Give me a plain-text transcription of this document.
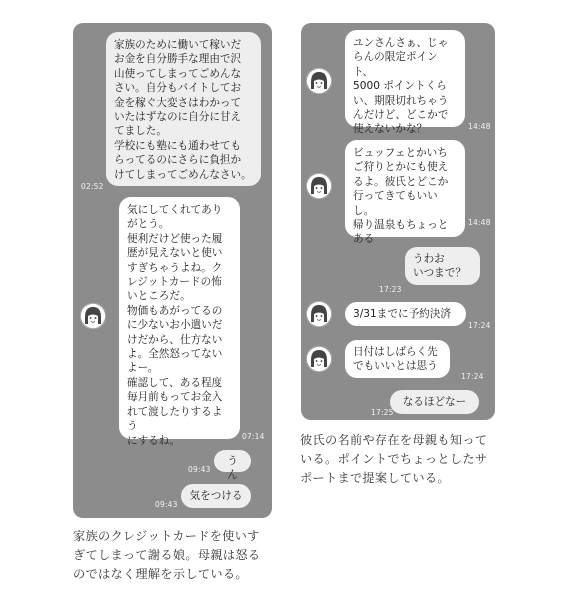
家族のために働いて稼いだ
お金を自分勝手な理由で沢
山使ってしまってごめんな
さい。自分もバイトしてお
金を稼ぐ大変さはわかって
いたはずなのに自分に甘え
てました。
学校にも塾にも通わせても
らってるのにさらに負担か
けてしまってごめんなさい。
02:52
気にしてくれてあり
がとう。
便利だけど使った履
歴が見えないと使い
すぎちゃうよね。ク
レジットカードの怖
いところだ。
物価もあがってるの
に少ないお小遣いだ
けだから、仕方ない
よ。全然怒ってない
よー。
確認して、ある程度
毎月前もってお金入
れて渡したりするよう
にするね。	07:14
うん
09:43
気をつける
09:43
ユンさんさぁ、じゃ
らんの限定ポイント、
5000 ポイントくら
い、期限切れちゃう
んだけど、どこかで
使えないかな？	14:48
ビュッフェとかいち
ご狩りとかにも使え
るよ。彼氏とどこか
行ってきてもいいし。
帰り温泉もちょっと
ある
14:48
うわお
いつまで？
17:23
3/31までに予約決済
17:24
日付はしばらく先
でもいいとは思う
17:24
なるほどなー
17:25
家族のクレジットカードを使いす
ぎてしまって謝る娘。母親は怒る
のではなく理解を示している。
彼氏の名前や存在を母親も知って
いる。ポイントでちょっとしたサ
ポートまで提案している。
